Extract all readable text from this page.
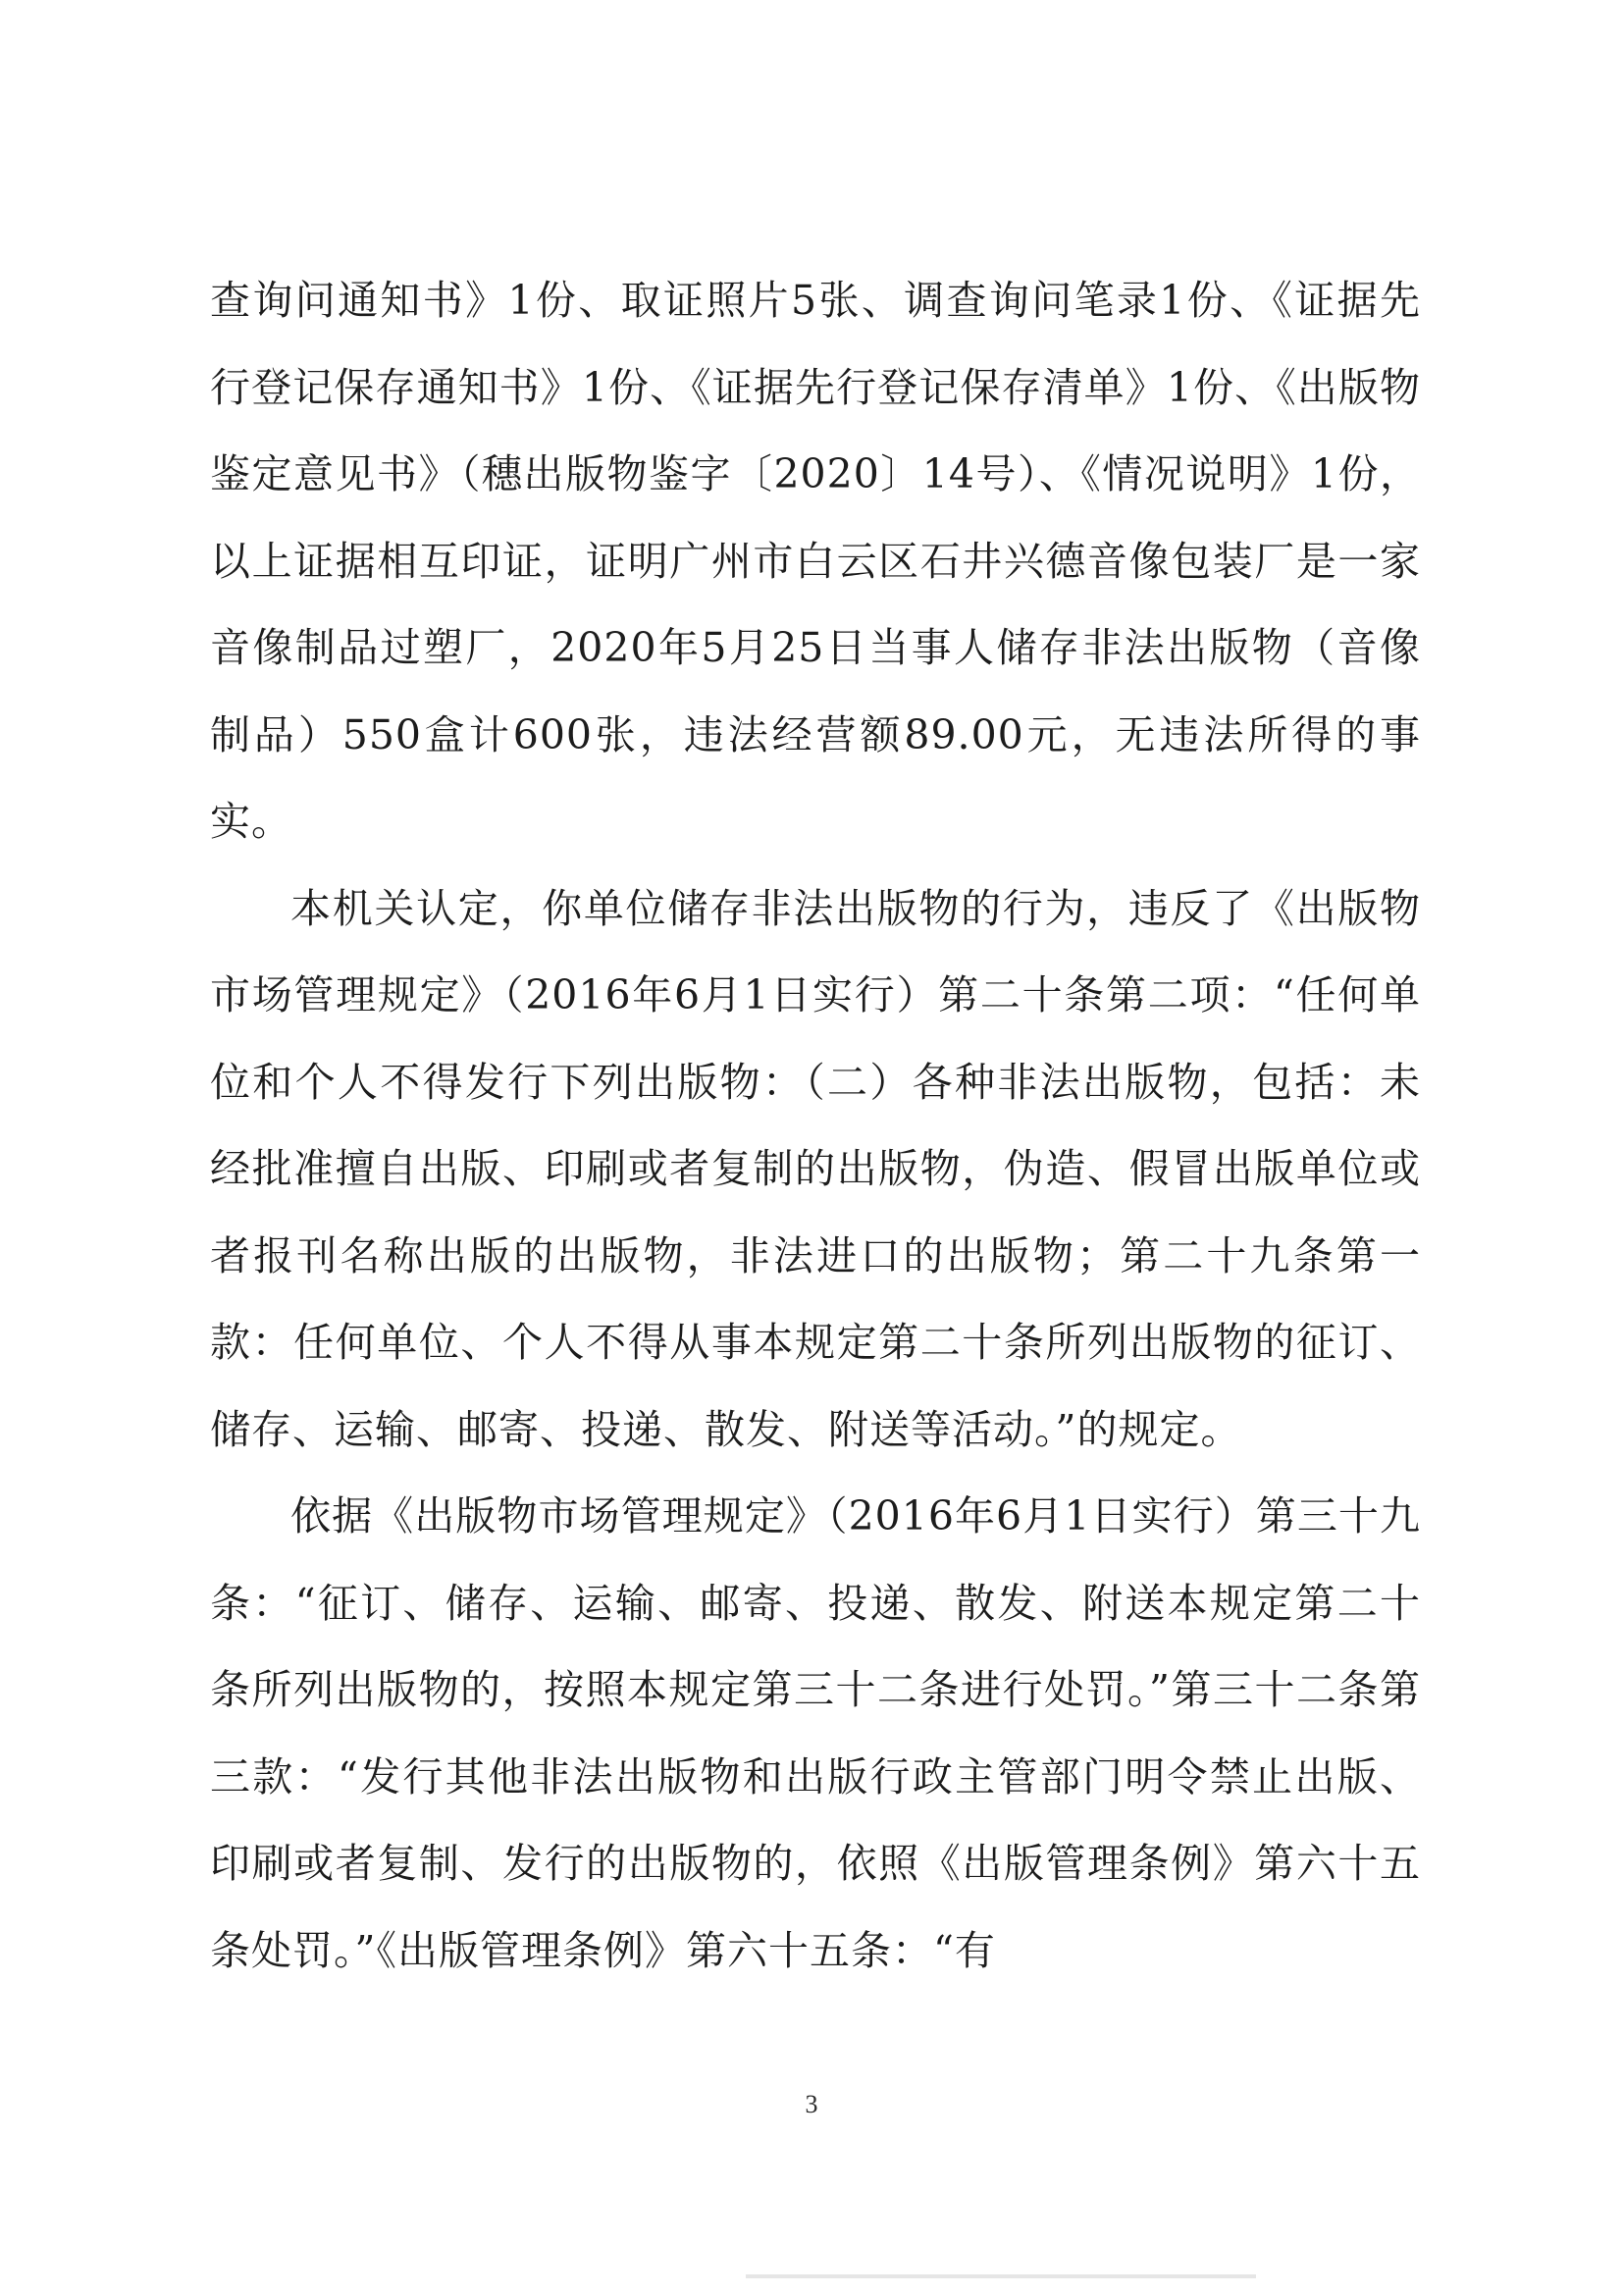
查询问通知书》1份、取证照片5张、调查询问笔录1份、《证据先行登记保存通知书》1份、《证据先行登记保存清单》1份、《出版物鉴定意见书》（穗出版物鉴字〔2020〕14号）、《情况说明》1份，以上证据相互印证，证明广州市白云区石井兴德音像包装厂是一家音像制品过塑厂，2020年5月25日当事人储存非法出版物（音像制品）550盒计600张，违法经营额89.00元，无违法所得的事实。

本机关认定，你单位储存非法出版物的行为，违反了《出版物市场管理规定》（2016年6月1日实行）第二十条第二项：“任何单位和个人不得发行下列出版物：（二）各种非法出版物，包括：未经批准擅自出版、印刷或者复制的出版物，伪造、假冒出版单位或者报刊名称出版的出版物，非法进口的出版物；第二十九条第一款：任何单位、个人不得从事本规定第二十条所列出版物的征订、储存、运输、邮寄、投递、散发、附送等活动。”的规定。

依据《出版物市场管理规定》（2016年6月1日实行）第三十九条：“征订、储存、运输、邮寄、投递、散发、附送本规定第二十条所列出版物的，按照本规定第三十二条进行处罚。”第三十二条第三款：“发行其他非法出版物和出版行政主管部门明令禁止出版、印刷或者复制、发行的出版物的，依照《出版管理条例》第六十五条处罚。”《出版管理条例》第六十五条：“有

3
